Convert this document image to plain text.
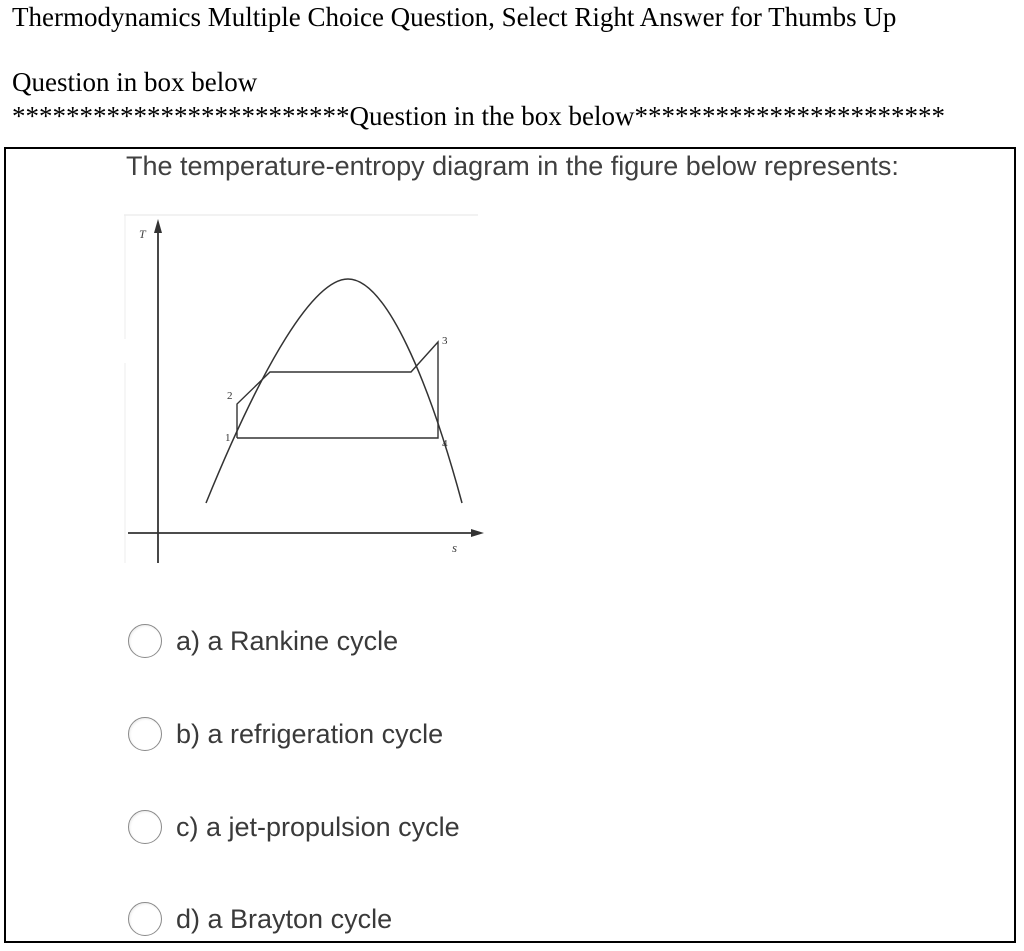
Thermodynamics Multiple Choice Question, Select Right Answer for Thumbs Up
Question in box below
*************************Question in the box below***********************
The temperature-entropy diagram in the figure below represents:
T
s
1
2
3
4
a) a Rankine cycle
b) a refrigeration cycle
c) a jet-propulsion cycle
d) a Brayton cycle
